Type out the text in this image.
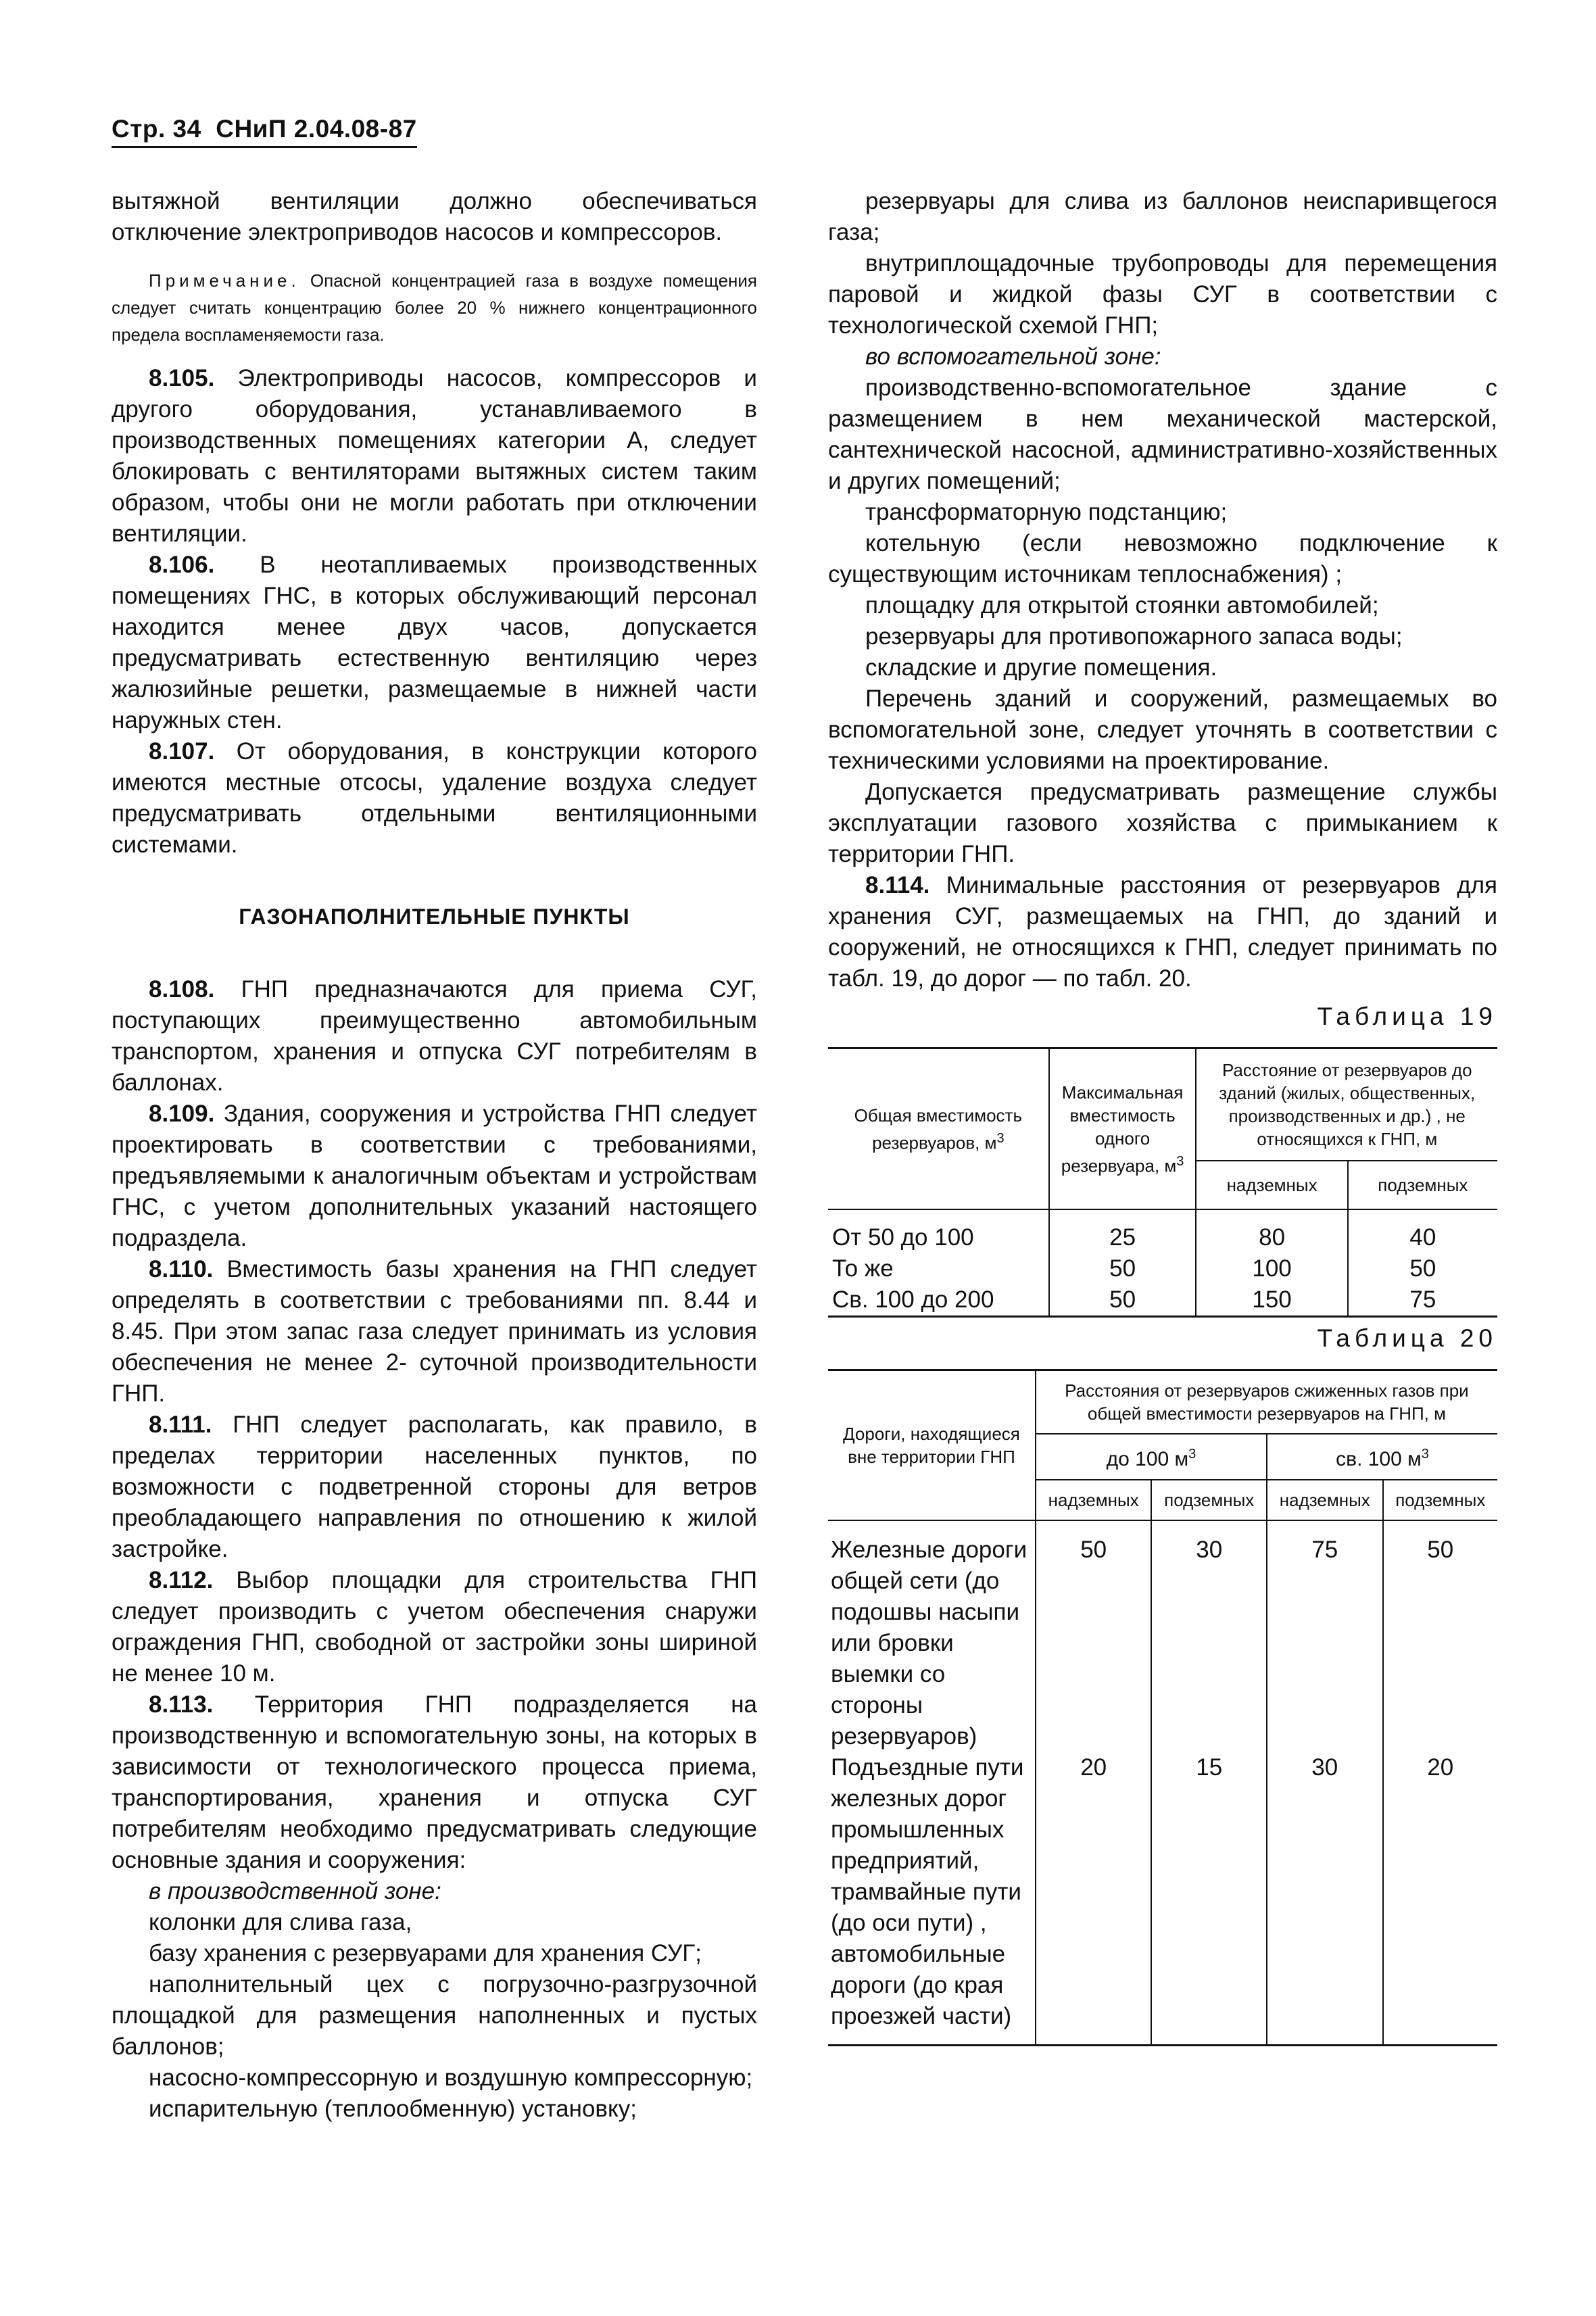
Стр. 34 СНиП 2.04.08-87

вытяжной вентиляции должно обеспечиваться отключение электроприводов насосов и компрессоров.

Примечание. Опасной концентрацией газа в воздухе помещения следует считать концентрацию более 20 % нижнего концентрационного предела воспламеняемости газа.

8.105. Электроприводы насосов, компрессоров и другого оборудования, устанавливаемого в производственных помещениях категории А, следует блокировать с вентиляторами вытяжных систем таким образом, чтобы они не могли работать при отключении вентиляции.

8.106. В неотапливаемых производственных помещениях ГНС, в которых обслуживающий персонал находится менее двух часов, допускается предусматривать естественную вентиляцию через жалюзийные решетки, размещаемые в нижней части наружных стен.

8.107. От оборудования, в конструкции которого имеются местные отсосы, удаление воздуха следует предусматривать отдельными вентиляционными системами.

ГАЗОНАПОЛНИТЕЛЬНЫЕ ПУНКТЫ

8.108. ГНП предназначаются для приема СУГ, поступающих преимущественно автомобильным транспортом, хранения и отпуска СУГ потребителям в баллонах.

8.109. Здания, сооружения и устройства ГНП следует проектировать в соответствии с требованиями, предъявляемыми к аналогичным объектам и устройствам ГНС, с учетом дополнительных указаний настоящего подраздела.

8.110. Вместимость базы хранения на ГНП следует определять в соответствии с требованиями пп. 8.44 и 8.45. При этом запас газа следует принимать из условия обеспечения не менее 2- суточной производительности ГНП.

8.111. ГНП следует располагать, как правило, в пределах территории населенных пунктов, по возможности с подветренной стороны для ветров преобладающего направления по отношению к жилой застройке.

8.112. Выбор площадки для строительства ГНП следует производить с учетом обеспечения снаружи ограждения ГНП, свободной от застройки зоны шириной не менее 10 м.

8.113. Территория ГНП подразделяется на производственную и вспомогательную зоны, на которых в зависимости от технологического процесса приема, транспортирования, хранения и отпуска СУГ потребителям необходимо предусматривать следующие основные здания и сооружения:

в производственной зоне:

колонки для слива газа,

базу хранения с резервуарами для хранения СУГ;

наполнительный цех с погрузочно-разгрузочной площадкой для размещения наполненных и пустых баллонов;

насосно-компрессорную и воздушную компрессорную;

испарительную (теплообменную) установку;

резервуары для слива из баллонов неиспаривщегося газа;

внутриплощадочные трубопроводы для перемещения паровой и жидкой фазы СУГ в соответствии с технологической схемой ГНП;

во вспомогательной зоне:

производственно-вспомогательное здание с размещением в нем механической мастерской, сантехнической насосной, административно-хозяйственных и других помещений;

трансформаторную подстанцию;

котельную (если невозможно подключение к существующим источникам теплоснабжения) ;

площадку для открытой стоянки автомобилей;

резервуары для противопожарного запаса воды;

складские и другие помещения.

Перечень зданий и сооружений, размещаемых во вспомогательной зоне, следует уточнять в соответствии с техническими условиями на проектирование.

Допускается предусматривать размещение службы эксплуатации газового хозяйства с примыканием к территории ГНП.

8.114. Минимальные расстояния от резервуаров для хранения СУГ, размещаемых на ГНП, до зданий и сооружений, не относящихся к ГНП, следует принимать по табл. 19, до дорог — по табл. 20.

Таблица 19

Общая вместимость резервуаров, $м^3$	Максимальная вместимость одного резервуара, $м^3$	Расстояние от резервуаров до зданий (жилых, общественных, производственных и др.) , не относящихся к ГНП, м	
		надземных	подземных
От 50 до 100	25	80	40
То же	50	100	50
Св. 100 до 200	50	150	75

Таблица 20

Дороги, находящиеся вне территории ГНП	Расстояния от резервуаров сжиженных газов при общей вместимости резервуаров на ГНП, м			
	до 100 $м^3$		св. 100 $м^3$
	надземных	подземных	надземных	подземных
Железные дороги общей сети (до подошвы насыпи или бровки выемки со стороны резервуаров)	50	30	75	50
Подъездные пути железных дорог промышленных предприятий, трамвайные пути (до оси пути) , автомобильные дороги (до края проезжей части)	20	15	30	20
